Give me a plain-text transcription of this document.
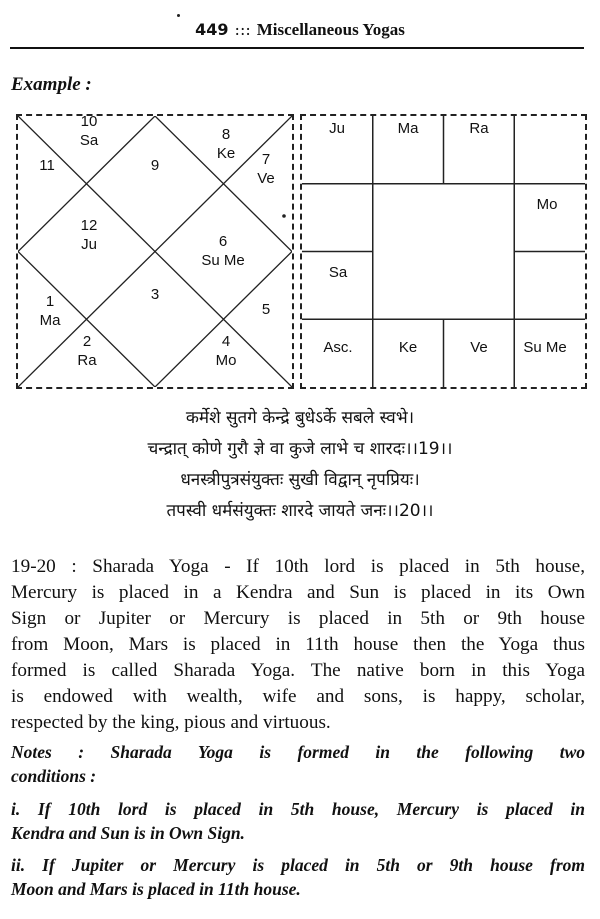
449 ::: Miscellaneous Yogas
Example :
10
Sa
11	9
8
Ke	7
Ve
12
Ju	6
Su Me
3
1
Ma
5
2
Ra
4
Mo
Ju	Ma	Ra
Mo
Sa
Asc.	Ke	Ve Su Me
कर्मेशे सुतगे केन्द्रे बुधेऽर्के सबले स्वभे।
चन्द्रात् कोणे गुरौ ज्ञे वा कुजे लाभे च शारदः।।19।।
धनस्त्रीपुत्रसंयुक्तः सुखी विद्वान् नृपप्रियः।
तपस्वी धर्मसंयुक्तः शारदे जायते जनः।।20।।
19-20 : Sharada Yoga - If 10th lord is placed in 5th house,
Mercury is placed in a Kendra and Sun is placed in its Own
Sign or Jupiter or Mercury is placed in 5th or 9th house
from Moon, Mars is placed in 11th house then the Yoga thus
formed is called Sharada Yoga. The native born in this Yoga
is endowed with wealth, wife and sons, is happy, scholar,
respected by the king, pious and virtuous.
Notes : Sharada Yoga is formed in the following two
conditions :
i. If 10th lord is placed in 5th house, Mercury is placed in
Kendra and Sun is in Own Sign.
ii. If Jupiter or Mercury is placed in 5th or 9th house from
Moon and Mars is placed in 11th house.
